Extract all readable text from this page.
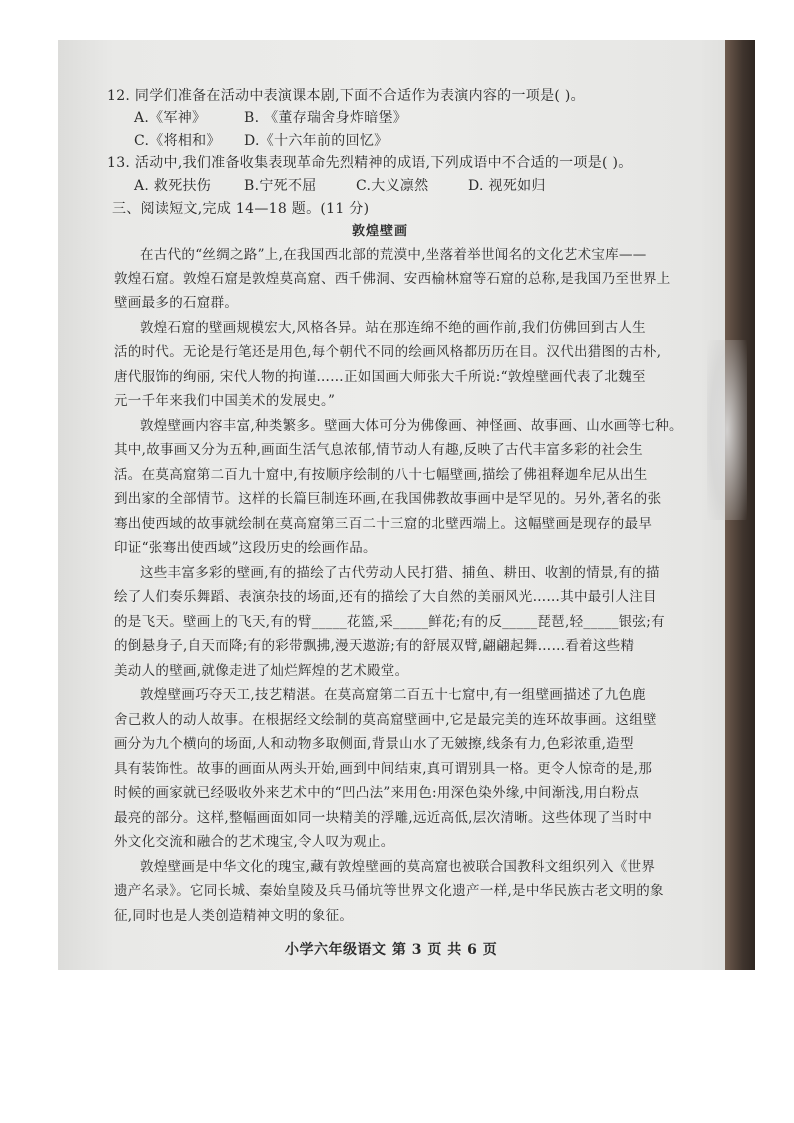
12. 同学们准备在活动中表演课本剧,下面不合适作为表演内容的一项是( )。
A.《军神》	B. 《董存瑞舍身炸暗堡》
C.《将相和》 D.《十六年前的回忆》
13. 活动中,我们准备收集表现革命先烈精神的成语,下列成语中不合适的一项是( )。
A. 救死扶伤 B.宁死不屈	C.大义凛然	D. 视死如归
三、阅读短文,完成 14—18 题。(11 分)
敦煌壁画
在古代的“丝绸之路”上,在我国西北部的荒漠中,坐落着举世闻名的文化艺术宝库——
敦煌石窟。敦煌石窟是敦煌莫高窟、西千佛洞、安西榆林窟等石窟的总称,是我国乃至世界上
壁画最多的石窟群。
敦煌石窟的壁画规模宏大,风格各异。站在那连绵不绝的画作前,我们仿佛回到古人生
活的时代。无论是行笔还是用色,每个朝代不同的绘画风格都历历在目。汉代出猎图的古朴,
唐代服饰的绚丽, 宋代人物的拘谨……正如国画大师张大千所说:“敦煌壁画代表了北魏至
元一千年来我们中国美术的发展史。”
敦煌壁画内容丰富,种类繁多。壁画大体可分为佛像画、神怪画、故事画、山水画等七种。
其中,故事画又分为五种,画面生活气息浓郁,情节动人有趣,反映了古代丰富多彩的社会生
活。在莫高窟第二百九十窟中,有按顺序绘制的八十七幅壁画,描绘了佛祖释迦牟尼从出生
到出家的全部情节。这样的长篇巨制连环画,在我国佛教故事画中是罕见的。另外,著名的张
骞出使西域的故事就绘制在莫高窟第三百二十三窟的北壁西端上。这幅壁画是现存的最早
印证“张骞出使西域”这段历史的绘画作品。
这些丰富多彩的壁画,有的描绘了古代劳动人民打猎、捕鱼、耕田、收割的情景,有的描
绘了人们奏乐舞蹈、表演杂技的场面,还有的描绘了大自然的美丽风光……其中最引人注目
的是飞天。壁画上的飞天,有的臂_____花篮,采_____鲜花;有的反_____琵琶,轻_____银弦;有
的倒悬身子,自天而降;有的彩带飘拂,漫天遨游;有的舒展双臂,翩翩起舞……看着这些精
美动人的壁画,就像走进了灿烂辉煌的艺术殿堂。
敦煌壁画巧夺天工,技艺精湛。在莫高窟第二百五十七窟中,有一组壁画描述了九色鹿
舍己救人的动人故事。在根据经文绘制的莫高窟壁画中,它是最完美的连环故事画。这组壁
画分为九个横向的场面,人和动物多取侧面,背景山水了无皴擦,线条有力,色彩浓重,造型
具有装饰性。故事的画面从两头开始,画到中间结束,真可谓别具一格。更令人惊奇的是,那
时候的画家就已经吸收外来艺术中的“凹凸法”来用色:用深色染外缘,中间渐浅,用白粉点
最亮的部分。这样,整幅画面如同一块精美的浮雕,远近高低,层次清晰。这些体现了当时中
外文化交流和融合的艺术瑰宝,令人叹为观止。
敦煌壁画是中华文化的瑰宝,藏有敦煌壁画的莫高窟也被联合国教科文组织列入《世界
遗产名录》。它同长城、秦始皇陵及兵马俑坑等世界文化遗产一样,是中华民族古老文明的象
征,同时也是人类创造精神文明的象征。
小学六年级语文 第 3 页 共 6 页
